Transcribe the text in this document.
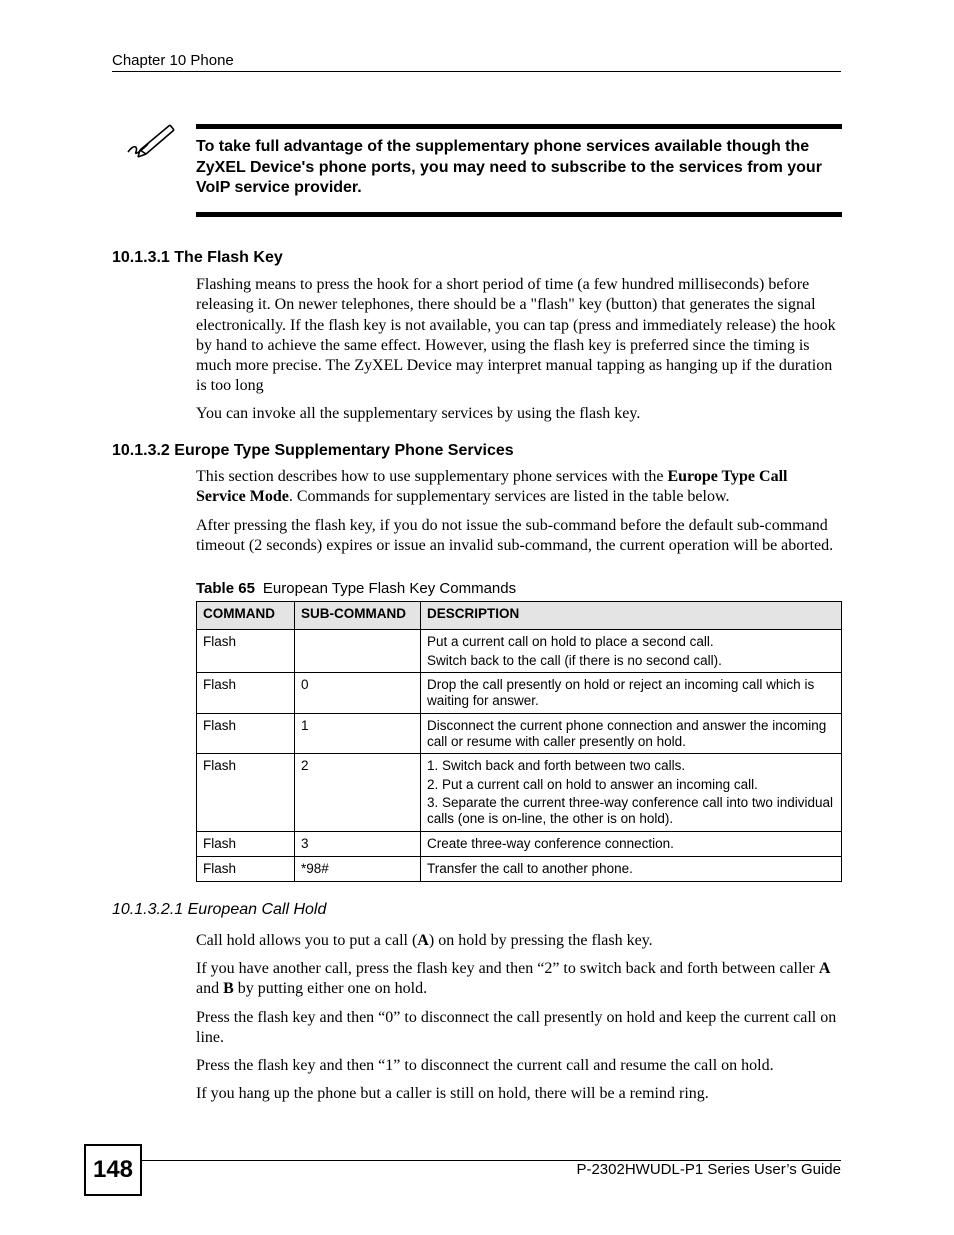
Chapter 10 Phone
To take full advantage of the supplementary phone services available though the ZyXEL Device's phone ports, you may need to subscribe to the services from your VoIP service provider.
10.1.3.1 The Flash Key
Flashing means to press the hook for a short period of time (a few hundred milliseconds) before releasing it. On newer telephones, there should be a "flash" key (button) that generates the signal electronically. If the flash key is not available, you can tap (press and immediately release) the hook by hand to achieve the same effect. However, using the flash key is preferred since the timing is much more precise. The ZyXEL Device may interpret manual tapping as hanging up if the duration is too long
You can invoke all the supplementary services by using the flash key.
10.1.3.2 Europe Type Supplementary Phone Services
This section describes how to use supplementary phone services with the Europe Type Call Service Mode. Commands for supplementary services are listed in the table below.
After pressing the flash key, if you do not issue the sub-command before the default sub-command timeout (2 seconds) expires or issue an invalid sub-command, the current operation will be aborted.
Table 65 European Type Flash Key Commands
COMMAND	SUB-COMMAND	DESCRIPTION
Flash		Put a current call on hold to place a second call.
Switch back to the call (if there is no second call).

Flash	0	Drop the call presently on hold or reject an incoming call which is waiting for answer.

Flash	1	Disconnect the current phone connection and answer the incoming call or resume with caller presently on hold.

Flash	2	1. Switch back and forth between two calls.
2. Put a current call on hold to answer an incoming call.
3. Separate the current three-way conference call into two individual calls (one is on-line, the other is on hold).

Flash	3	Create three-way conference connection.

Flash	*98#	Transfer the call to another phone.
10.1.3.2.1 European Call Hold
Call hold allows you to put a call (A) on hold by pressing the flash key.
If you have another call, press the flash key and then “2” to switch back and forth between caller A and B by putting either one on hold.
Press the flash key and then “0” to disconnect the call presently on hold and keep the current call on line.
Press the flash key and then “1” to disconnect the current call and resume the call on hold.
If you hang up the phone but a caller is still on hold, there will be a remind ring.
148	P-2302HWUDL-P1 Series User’s Guide
